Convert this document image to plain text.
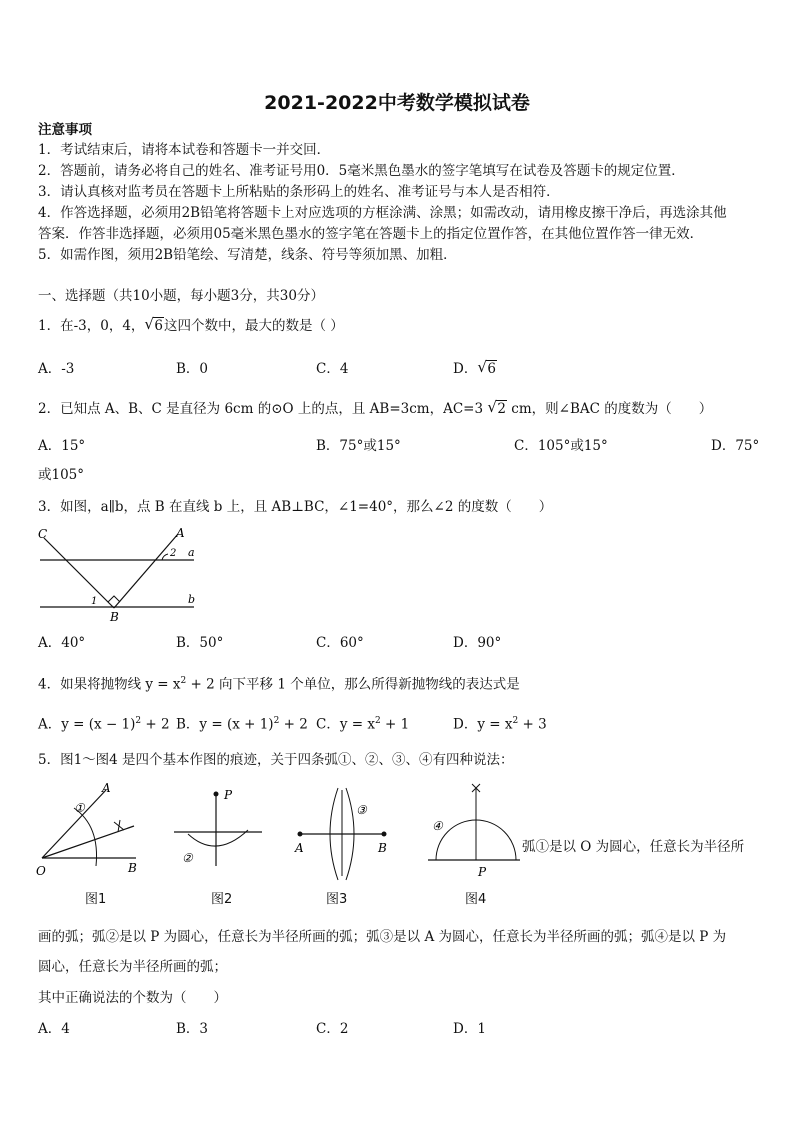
2021-2022中考数学模拟试卷
注意事项
1．考试结束后，请将本试卷和答题卡一并交回．
2．答题前，请务必将自己的姓名、准考证号用0．5毫米黑色墨水的签字笔填写在试卷及答题卡的规定位置．
3．请认真核对监考员在答题卡上所粘贴的条形码上的姓名、准考证号与本人是否相符．
4．作答选择题，必须用2B铅笔将答题卡上对应选项的方框涂满、涂黑；如需改动，请用橡皮擦干净后，再选涂其他
答案．作答非选择题，必须用05毫米黑色墨水的签字笔在答题卡上的指定位置作答，在其他位置作答一律无效．
5．如需作图，须用2B铅笔绘、写清楚，线条、符号等须加黑、加粗．
一、选择题（共10小题，每小题3分，共30分）
1．在-3，0，4， √ 6这四个数中，最大的数是（ ）
A．-3	B．0	C．4	D． √ 6
2．已知点 A、B、C 是直径为 6cm 的⊙O 上的点，且 AB=3cm，AC=3 √ 2 cm，则∠BAC 的度数为（　　）
A．15°	B．75°或15°	C．105°或15°	D．75°
或105°
3．如图，a∥b，点 B 在直线 b 上，且 AB⊥BC，∠1=40°，那么∠2 的度数（　　）
C	A
a
b
B
1
2
A．40°	B．50°	C．60°	D．90°
4．如果将抛物线 $y = x^2 + 2$ 向下平移 1 个单位，那么所得新抛物线的表达式是
A．$y = (x - 1)^2 + 2$ B．$y = (x + 1)^2 + 2$ C．$y = x^2 + 1$	D．$y = x^2 + 3$
5．图1～图4 是四个基本作图的痕迹，关于四条弧①、②、③、④有四种说法：
A
①
O	B
图1
P
②
图2
③
A	B
图3
④
P
图4
弧①是以 O 为圆心，任意长为半径所
画的弧；弧②是以 P 为圆心，任意长为半径所画的弧；弧③是以 A 为圆心，任意长为半径所画的弧；弧④是以 P 为
圆心，任意长为半径所画的弧；
其中正确说法的个数为（　　）
A．4	B．3	C．2	D．1
